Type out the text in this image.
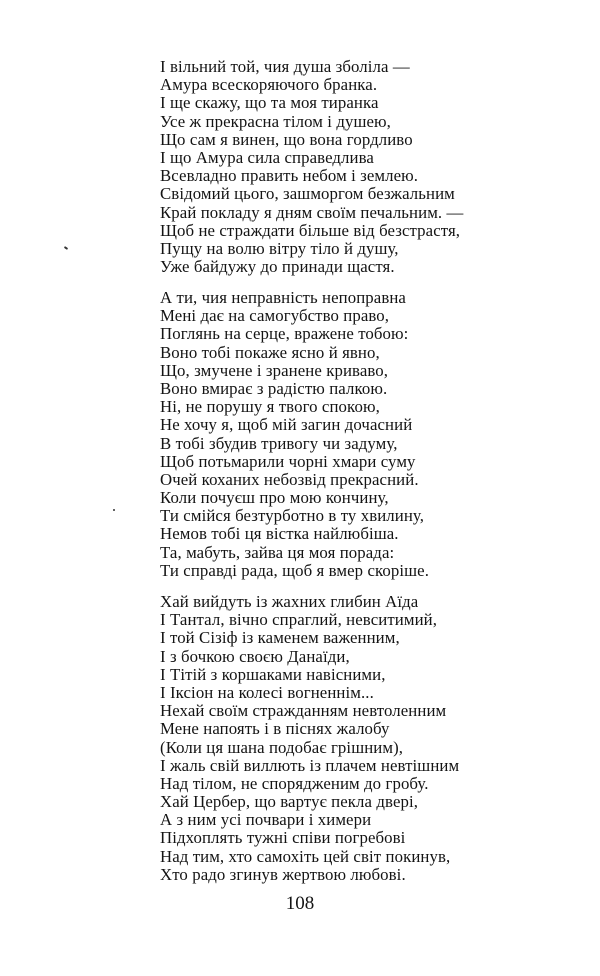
І вільний той, чия душа зболіла —
Амура всескоряючого бранка.
І ще скажу, що та моя тиранка
Усе ж прекрасна тілом і душею,
Що сам я винен, що вона гордливо
І що Амура сила справедлива
Всевладно править небом і землею.
Свідомий цього, зашморгом безжальним
Край покладу я дням своїм печальним. —
Щоб не страждати більше від безстрастя,
Пущу на волю вітру тіло й душу,
Уже байдужу до принади щастя.
А ти, чия неправність непоправна
Мені дає на самогубство право,
Поглянь на серце, вражене тобою:
Воно тобі покаже ясно й явно,
Що, змучене і зранене криваво,
Воно вмирає з радістю палкою.
Ні, не порушу я твого спокою,
Не хочу я, щоб мій загин дочасний
В тобі збудив тривогу чи задуму,
Щоб потьмарили чорні хмари суму
Очей коханих небозвід прекрасний.
Коли почуєш про мою кончину,
Ти смійся безтурботно в ту хвилину,
Немов тобі ця вістка найлюбіша.
Та, мабуть, зайва ця моя порада:
Ти справді рада, щоб я вмер скоріше.
Хай вийдуть із жахних глибин Аїда
І Тантал, вічно спраглий, невситимий,
І той Сізіф із каменем важенним,
І з бочкою своєю Данаїди,
І Тітій з коршаками навісними,
І Іксіон на колесі вогненнім...
Нехай своїм стражданням невтоленним
Мене напоять і в піснях жалобу
(Коли ця шана подобає грішним),
І жаль свій виллють із плачем невтішним
Над тілом, не спорядженим до гробу.
Хай Цербер, що вартує пекла двері,
А з ним усі почвари і химери
Підхоплять тужні співи погребові
Над тим, хто самохіть цей світ покинув,
Хто радо згинув жертвою любові.
108
